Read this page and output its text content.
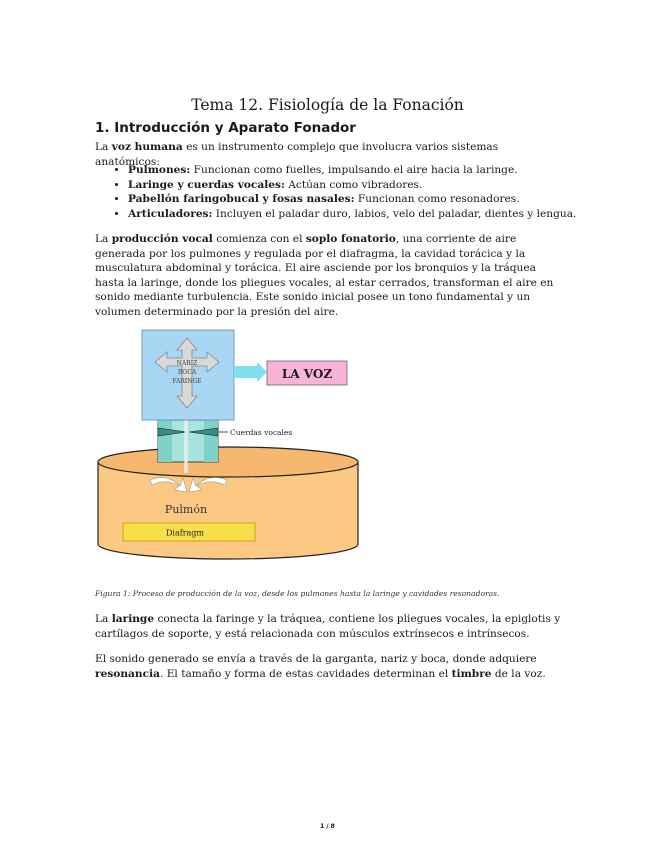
Tema 12. Fisiología de la Fonación
1. Introducción y Aparato Fonador

La voz humana es un instrumento complejo que involucra varios sistemas anatómicos:

• Pulmones: Funcionan como fuelles, impulsando el aire hacia la laringe.
• Laringe y cuerdas vocales: Actúan como vibradores.
• Pabellón faringobucal y fosas nasales: Funcionan como resonadores.
• Articuladores: Incluyen el paladar duro, labios, velo del paladar, dientes y lengua.

La producción vocal comienza con el soplo fonatorio, una corriente de aire generada por los pulmones y regulada por el diafragma, la cavidad torácica y la musculatura abdominal y torácica. El aire asciende por los bronquios y la tráquea hasta la laringe, donde los pliegues vocales, al estar cerrados, transforman el aire en sonido mediante turbulencia. Este sonido inicial posee un tono fundamental y un volumen determinado por la presión del aire.

NARIZ
BOCA
FARINGE
LA VOZ
Cuerdas vocales
Pulmón
Diafragm

Figura 1: Proceso de producción de la voz, desde los pulmones hasta la laringe y cavidades resonadoras.

La laringe conecta la faringe y la tráquea, contiene los pliegues vocales, la epiglotis y cartílagos de soporte, y está relacionada con músculos extrínsecos e intrínsecos.

El sonido generado se envía a través de la garganta, nariz y boca, donde adquiere resonancia. El tamaño y forma de estas cavidades determinan el timbre de la voz.

1 / 8
